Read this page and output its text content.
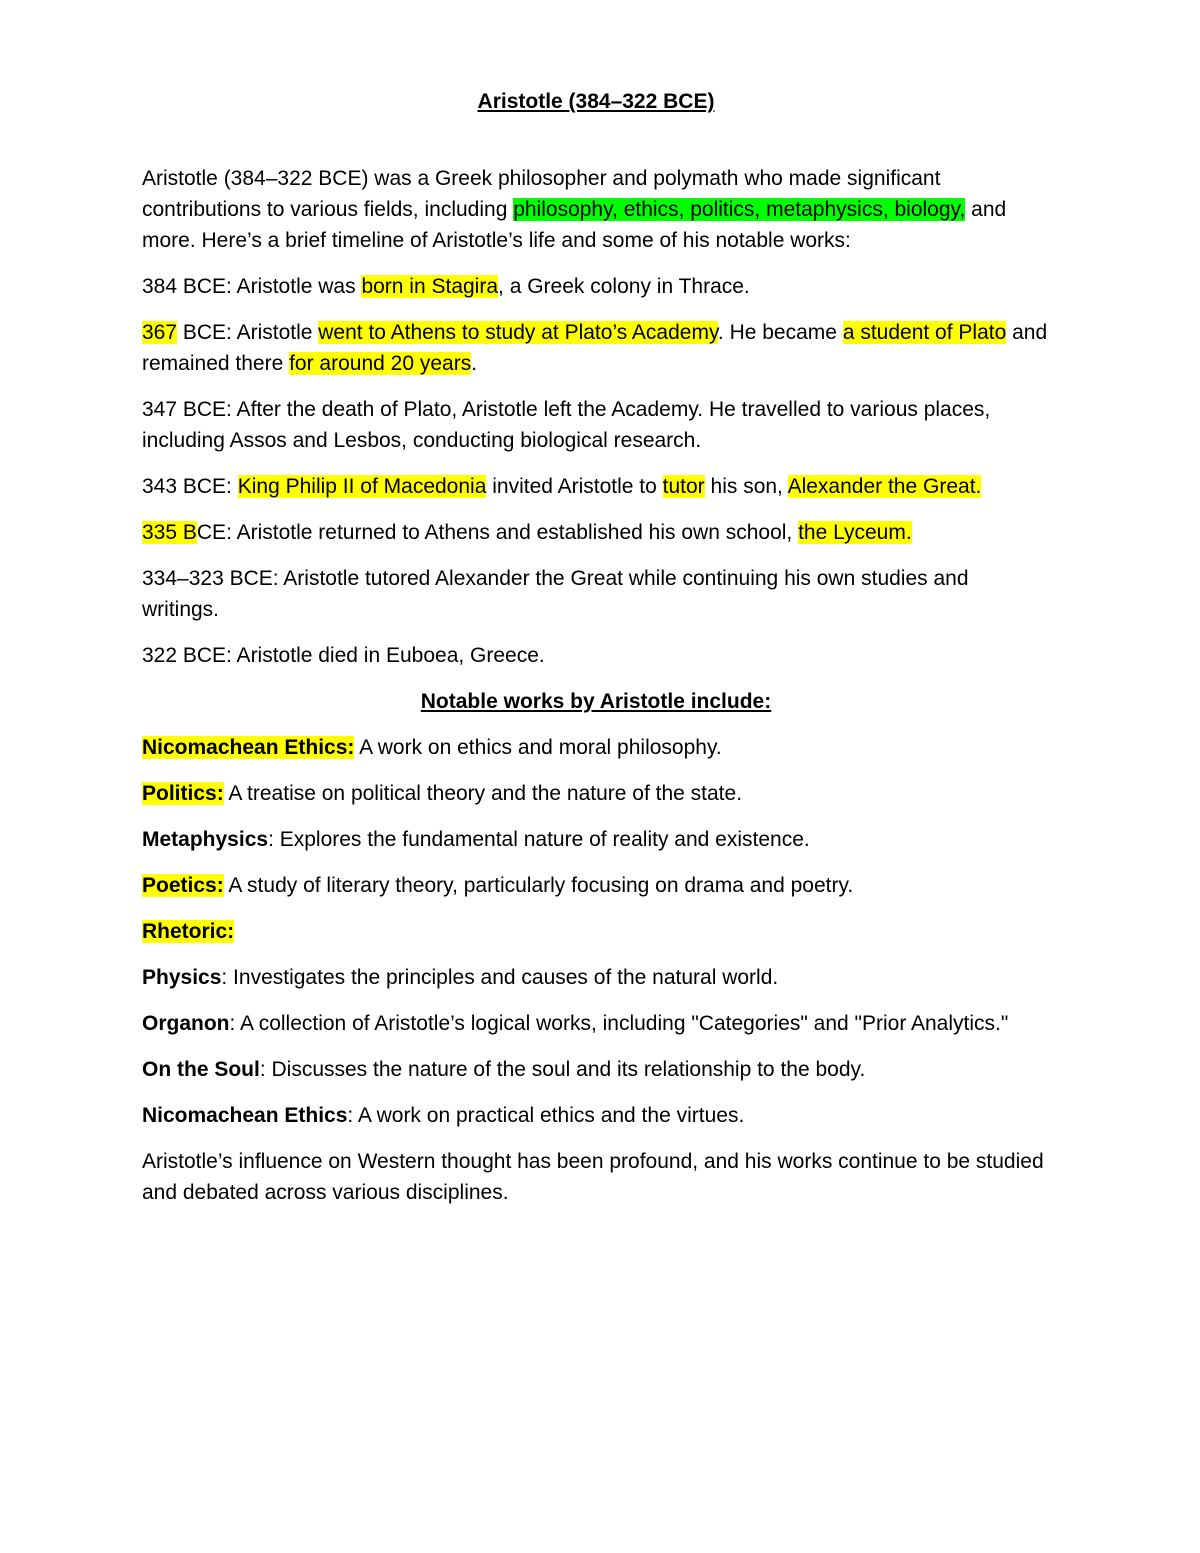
Aristotle (384–322 BCE)

Aristotle (384–322 BCE) was a Greek philosopher and polymath who made significant contributions to various fields, including philosophy, ethics, politics, metaphysics, biology, and more. Here’s a brief timeline of Aristotle’s life and some of his notable works:

384 BCE: Aristotle was born in Stagira, a Greek colony in Thrace.

367 BCE: Aristotle went to Athens to study at Plato’s Academy. He became a student of Plato and remained there for around 20 years.

347 BCE: After the death of Plato, Aristotle left the Academy. He travelled to various places, including Assos and Lesbos, conducting biological research.

343 BCE: King Philip II of Macedonia invited Aristotle to tutor his son, Alexander the Great.

335 BCE: Aristotle returned to Athens and established his own school, the Lyceum.

334–323 BCE: Aristotle tutored Alexander the Great while continuing his own studies and writings.

322 BCE: Aristotle died in Euboea, Greece.

Notable works by Aristotle include:

Nicomachean Ethics: A work on ethics and moral philosophy.

Politics: A treatise on political theory and the nature of the state.

Metaphysics: Explores the fundamental nature of reality and existence.

Poetics: A study of literary theory, particularly focusing on drama and poetry.

Rhetoric:

Physics: Investigates the principles and causes of the natural world.

Organon: A collection of Aristotle’s logical works, including "Categories" and "Prior Analytics."

On the Soul: Discusses the nature of the soul and its relationship to the body.

Nicomachean Ethics: A work on practical ethics and the virtues.

Aristotle’s influence on Western thought has been profound, and his works continue to be studied and debated across various disciplines.
